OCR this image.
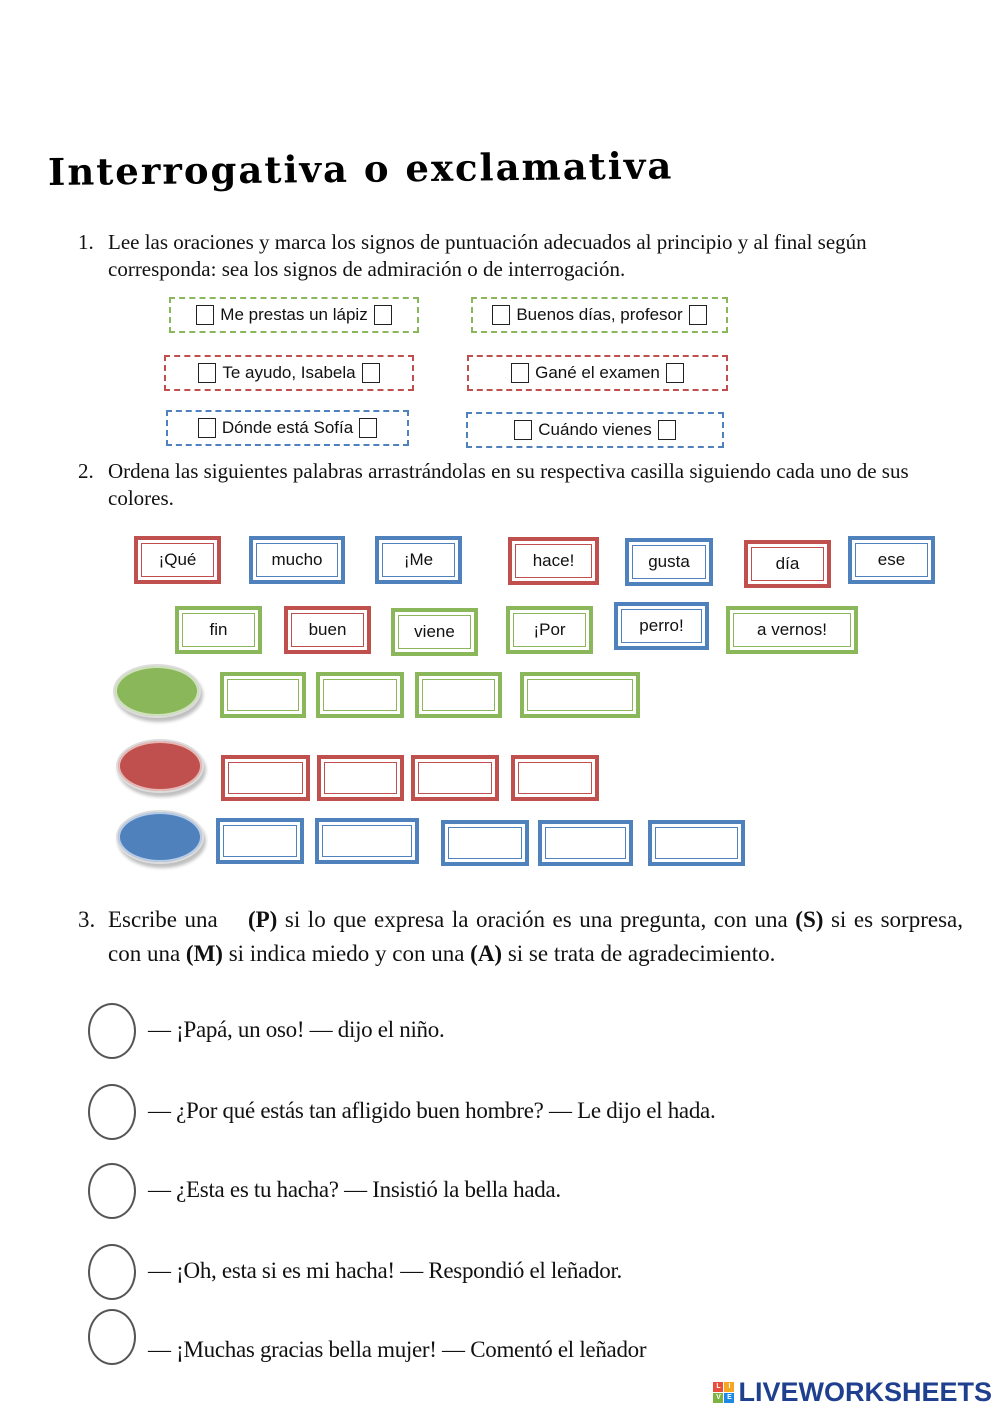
Interrogativa o exclamativa
1. Lee las oraciones y marca los signos de puntuación adecuados al principio y al final según corresponda: sea los signos de admiración o de interrogación.
Me prestas un lápiz	Buenos días, profesor
Te ayudo, Isabela	Gané el examen
Dónde está Sofía	Cuándo vienes
2. Ordena las siguientes palabras arrastrándolas en su respectiva casilla siguiendo cada uno de sus colores.
¡Qué	mucho	¡Me	hace!	gusta	día	ese
fin	buen	viene	¡Por	perro!	a vernos!
3. Escribe una (P) si lo que expresa la oración es una pregunta, con una (S) si es sorpresa, con una (M) si indica miedo y con una (A) si se trata de agradecimiento.
— ¡Papá, un oso! — dijo el niño.
— ¿Por qué estás tan afligido buen hombre? — Le dijo el hada.
— ¿Esta es tu hacha? — Insistió la bella hada.
— ¡Oh, esta si es mi hacha! — Respondió el leñador.
— ¡Muchas gracias bella mujer! — Comentó el leñador
L	I
V E LIVEWORKSHEETS
